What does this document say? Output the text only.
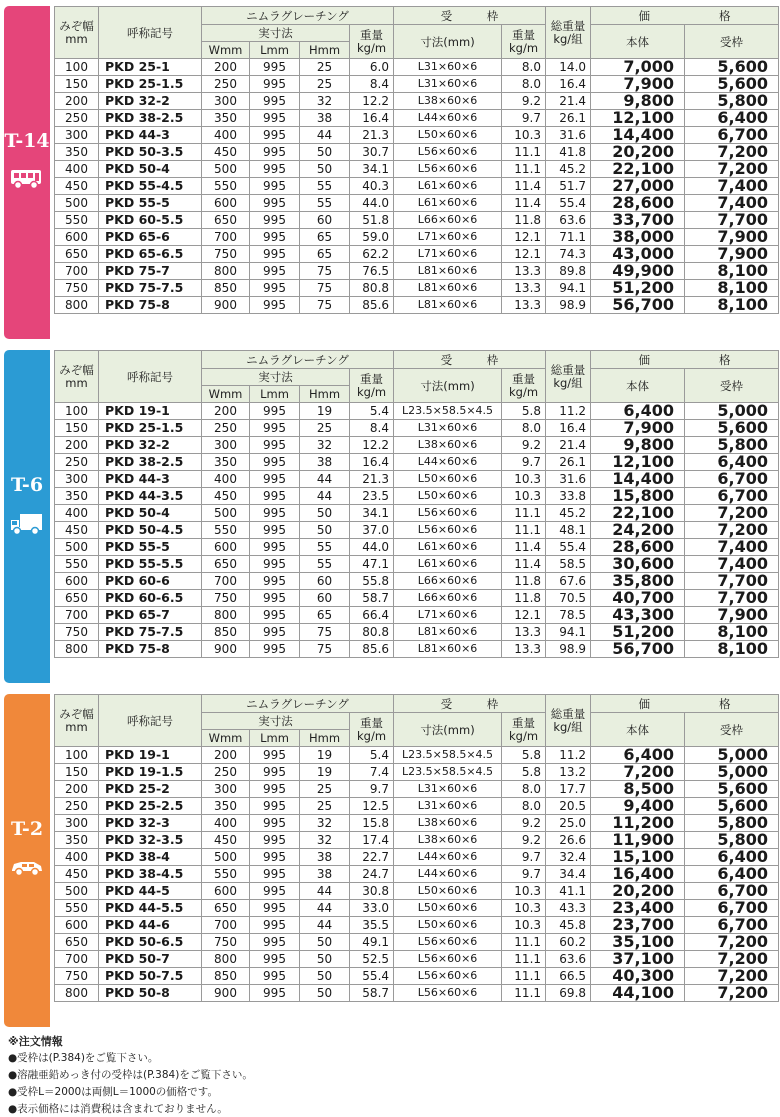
T-14
みぞ幅
mm	呼称記号	ニムラグレーチング				受　　　枠		総重量
kg/組	価　　　　　　格	
		実寸法			重量
kg/m	寸法(mm)	重量
kg/m		本体	受枠
		Wmm	Lmm	Hmm						
100	PKD 25-1	200	995	25	6.0	L31×60×6	8.0	14.0	7,000	5,600
150	PKD 25-1.5	250	995	25	8.4	L31×60×6	8.0	16.4	7,900	5,600
200	PKD 32-2	300	995	32	12.2	L38×60×6	9.2	21.4	9,800	5,800
250	PKD 38-2.5	350	995	38	16.4	L44×60×6	9.7	26.1	12,100	6,400
300	PKD 44-3	400	995	44	21.3	L50×60×6	10.3	31.6	14,400	6,700
350	PKD 50-3.5	450	995	50	30.7	L56×60×6	11.1	41.8	20,200	7,200
400	PKD 50-4	500	995	50	34.1	L56×60×6	11.1	45.2	22,100	7,200
450	PKD 55-4.5	550	995	55	40.3	L61×60×6	11.4	51.7	27,000	7,400
500	PKD 55-5	600	995	55	44.0	L61×60×6	11.4	55.4	28,600	7,400
550	PKD 60-5.5	650	995	60	51.8	L66×60×6	11.8	63.6	33,700	7,700
600	PKD 65-6	700	995	65	59.0	L71×60×6	12.1	71.1	38,000	7,900
650	PKD 65-6.5	750	995	65	62.2	L71×60×6	12.1	74.3	43,000	7,900
700	PKD 75-7	800	995	75	76.5	L81×60×6	13.3	89.8	49,900	8,100
750	PKD 75-7.5	850	995	75	80.8	L81×60×6	13.3	94.1	51,200	8,100
800	PKD 75-8	900	995	75	85.6	L81×60×6	13.3	98.9	56,700	8,100
T-6
みぞ幅
mm	呼称記号	ニムラグレーチング				受　　　枠		総重量
kg/組	価　　　　　　格	
		実寸法			重量
kg/m	寸法(mm)	重量
kg/m		本体	受枠
		Wmm	Lmm	Hmm						
100	PKD 19-1	200	995	19	5.4	L23.5×58.5×4.5	5.8	11.2	6,400	5,000
150	PKD 25-1.5	250	995	25	8.4	L31×60×6	8.0	16.4	7,900	5,600
200	PKD 32-2	300	995	32	12.2	L38×60×6	9.2	21.4	9,800	5,800
250	PKD 38-2.5	350	995	38	16.4	L44×60×6	9.7	26.1	12,100	6,400
300	PKD 44-3	400	995	44	21.3	L50×60×6	10.3	31.6	14,400	6,700
350	PKD 44-3.5	450	995	44	23.5	L50×60×6	10.3	33.8	15,800	6,700
400	PKD 50-4	500	995	50	34.1	L56×60×6	11.1	45.2	22,100	7,200
450	PKD 50-4.5	550	995	50	37.0	L56×60×6	11.1	48.1	24,200	7,200
500	PKD 55-5	600	995	55	44.0	L61×60×6	11.4	55.4	28,600	7,400
550	PKD 55-5.5	650	995	55	47.1	L61×60×6	11.4	58.5	30,600	7,400
600	PKD 60-6	700	995	60	55.8	L66×60×6	11.8	67.6	35,800	7,700
650	PKD 60-6.5	750	995	60	58.7	L66×60×6	11.8	70.5	40,700	7,700
700	PKD 65-7	800	995	65	66.4	L71×60×6	12.1	78.5	43,300	7,900
750	PKD 75-7.5	850	995	75	80.8	L81×60×6	13.3	94.1	51,200	8,100
800	PKD 75-8	900	995	75	85.6	L81×60×6	13.3	98.9	56,700	8,100
T-2
みぞ幅
mm	呼称記号	ニムラグレーチング				受　　　枠		総重量
kg/組	価　　　　　　格	
		実寸法			重量
kg/m	寸法(mm)	重量
kg/m		本体	受枠
		Wmm	Lmm	Hmm						
100	PKD 19-1	200	995	19	5.4	L23.5×58.5×4.5	5.8	11.2	6,400	5,000
150	PKD 19-1.5	250	995	19	7.4	L23.5×58.5×4.5	5.8	13.2	7,200	5,000
200	PKD 25-2	300	995	25	9.7	L31×60×6	8.0	17.7	8,500	5,600
250	PKD 25-2.5	350	995	25	12.5	L31×60×6	8.0	20.5	9,400	5,600
300	PKD 32-3	400	995	32	15.8	L38×60×6	9.2	25.0	11,200	5,800
350	PKD 32-3.5	450	995	32	17.4	L38×60×6	9.2	26.6	11,900	5,800
400	PKD 38-4	500	995	38	22.7	L44×60×6	9.7	32.4	15,100	6,400
450	PKD 38-4.5	550	995	38	24.7	L44×60×6	9.7	34.4	16,400	6,400
500	PKD 44-5	600	995	44	30.8	L50×60×6	10.3	41.1	20,200	6,700
550	PKD 44-5.5	650	995	44	33.0	L50×60×6	10.3	43.3	23,400	6,700
600	PKD 44-6	700	995	44	35.5	L50×60×6	10.3	45.8	23,700	6,700
650	PKD 50-6.5	750	995	50	49.1	L56×60×6	11.1	60.2	35,100	7,200
700	PKD 50-7	800	995	50	52.5	L56×60×6	11.1	63.6	37,100	7,200
750	PKD 50-7.5	850	995	50	55.4	L56×60×6	11.1	66.5	40,300	7,200
800	PKD 50-8	900	995	50	58.7	L56×60×6	11.1	69.8	44,100	7,200
※注文情報
●受枠は(P.384)をご覧下さい。
●溶融亜鉛めっき付の受枠は(P.384)をご覧下さい。
●受枠L＝2000は両側L＝1000の価格です。
●表示価格には消費税は含まれておりません。
